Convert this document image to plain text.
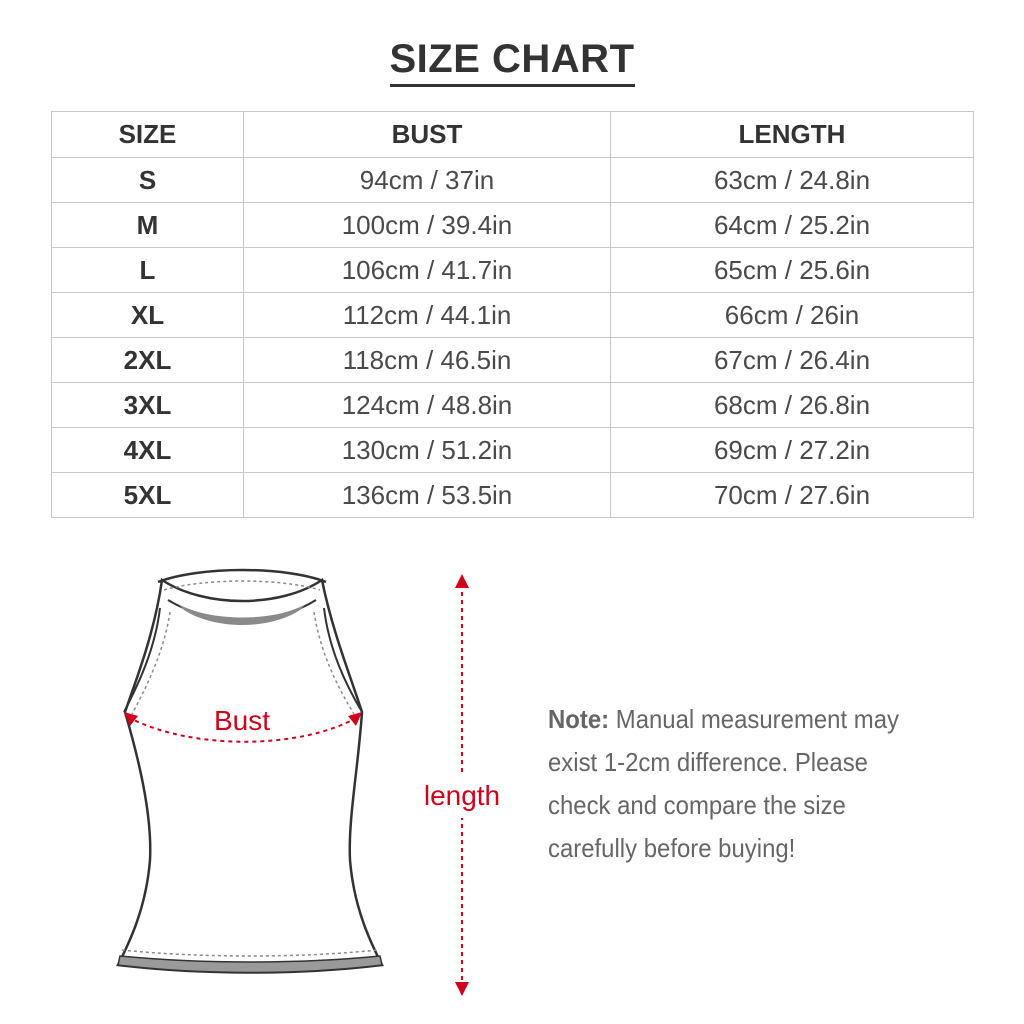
SIZE CHART
SIZE	BUST	LENGTH
S	94cm / 37in	63cm / 24.8in
M	100cm / 39.4in	64cm / 25.2in
L	106cm / 41.7in	65cm / 25.6in
XL	112cm / 44.1in	66cm / 26in
2XL	118cm / 46.5in	67cm / 26.4in
3XL	124cm / 48.8in	68cm / 26.8in
4XL	130cm / 51.2in	69cm / 27.2in
5XL	136cm / 53.5in	70cm / 27.6in
Bust
length
Note: Manual measurement may exist 1-2cm difference. Please check and compare the size carefully before buying!
